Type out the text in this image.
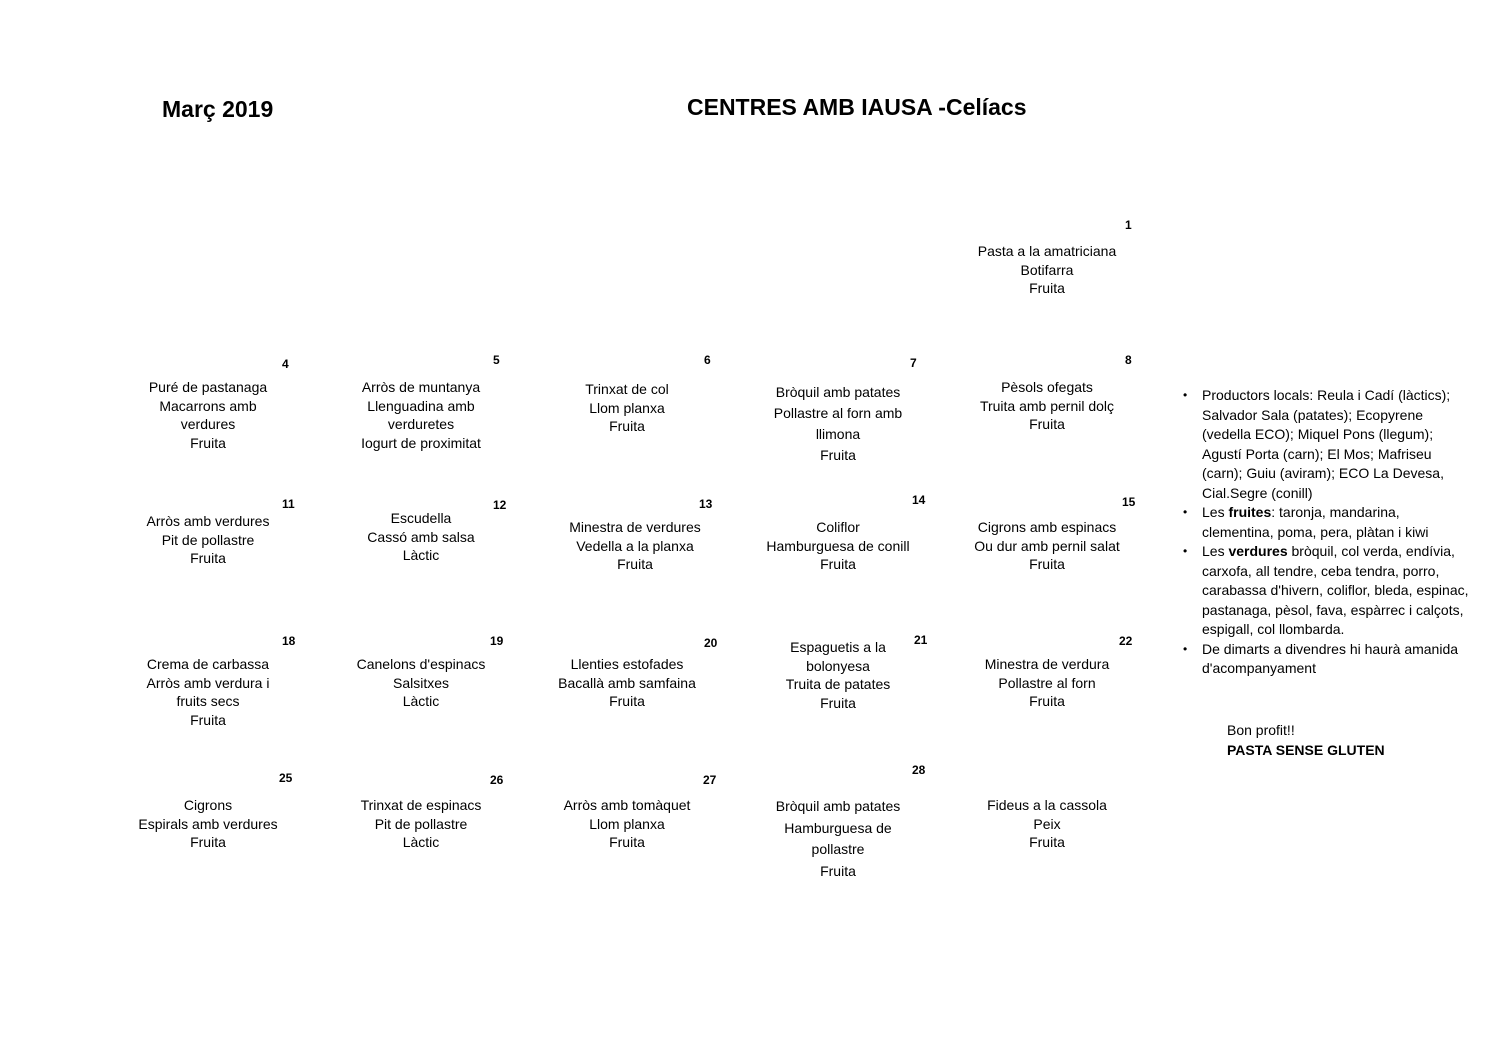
Març 2019	CENTRES AMB IAUSA -Celíacs
Pasta a la amatriciana
Botifarra
Fruita
1
Puré de pastanaga
Macarrons amb
verdures
Fruita
4
Arròs de muntanya
Llenguadina amb
verduretes
Iogurt de proximitat
5
Trinxat de col
Llom planxa
Fruita
6
Bròquil amb patates
Pollastre al forn amb
llimona
Fruita
7
Pèsols ofegats
Truita amb pernil dolç
Fruita
8
Arròs amb verdures
Pit de pollastre
Fruita
11
Escudella
Cassó amb salsa
Làctic
12
Minestra de verdures
Vedella a la planxa
Fruita
13
Coliflor
Hamburguesa de conill
Fruita
14
Cigrons amb espinacs
Ou dur amb pernil salat
Fruita
15
Crema de carbassa
Arròs amb verdura i
fruits secs
Fruita
18
Canelons d'espinacs
Salsitxes
Làctic
19
Llenties estofades
Bacallà amb samfaina
Fruita
20	Espaguetis a la
bolonyesa
Truita de patates
Fruita
21
Minestra de verdura
Pollastre al forn
Fruita
22
Cigrons
Espirals amb verdures
Fruita
25
Trinxat de espinacs
Pit de pollastre
Làctic
26
Arròs amb tomàquet
Llom planxa
Fruita
27
Bròquil amb patates
Hamburguesa de
pollastre
Fruita
28
Fideus a la cassola
Peix
Fruita
• Productors locals: Reula i Cadí (làctics); Salvador Sala (patates); Ecopyrene (vedella ECO); Miquel Pons (llegum); Agustí Porta (carn); El Mos; Mafriseu (carn); Guiu (aviram); ECO La Devesa, Cial.Segre (conill)
• Les fruites: taronja, mandarina, clementina, poma, pera, plàtan i kiwi
• Les verdures bròquil, col verda, endívia, carxofa, all tendre, ceba tendra, porro, carabassa d'hivern, coliflor, bleda, espinac, pastanaga, pèsol, fava, espàrrec i calçots, espigall, col llombarda.
• De dimarts a divendres hi haurà amanida d'acompanyament
Bon profit!!
PASTA SENSE GLUTEN
